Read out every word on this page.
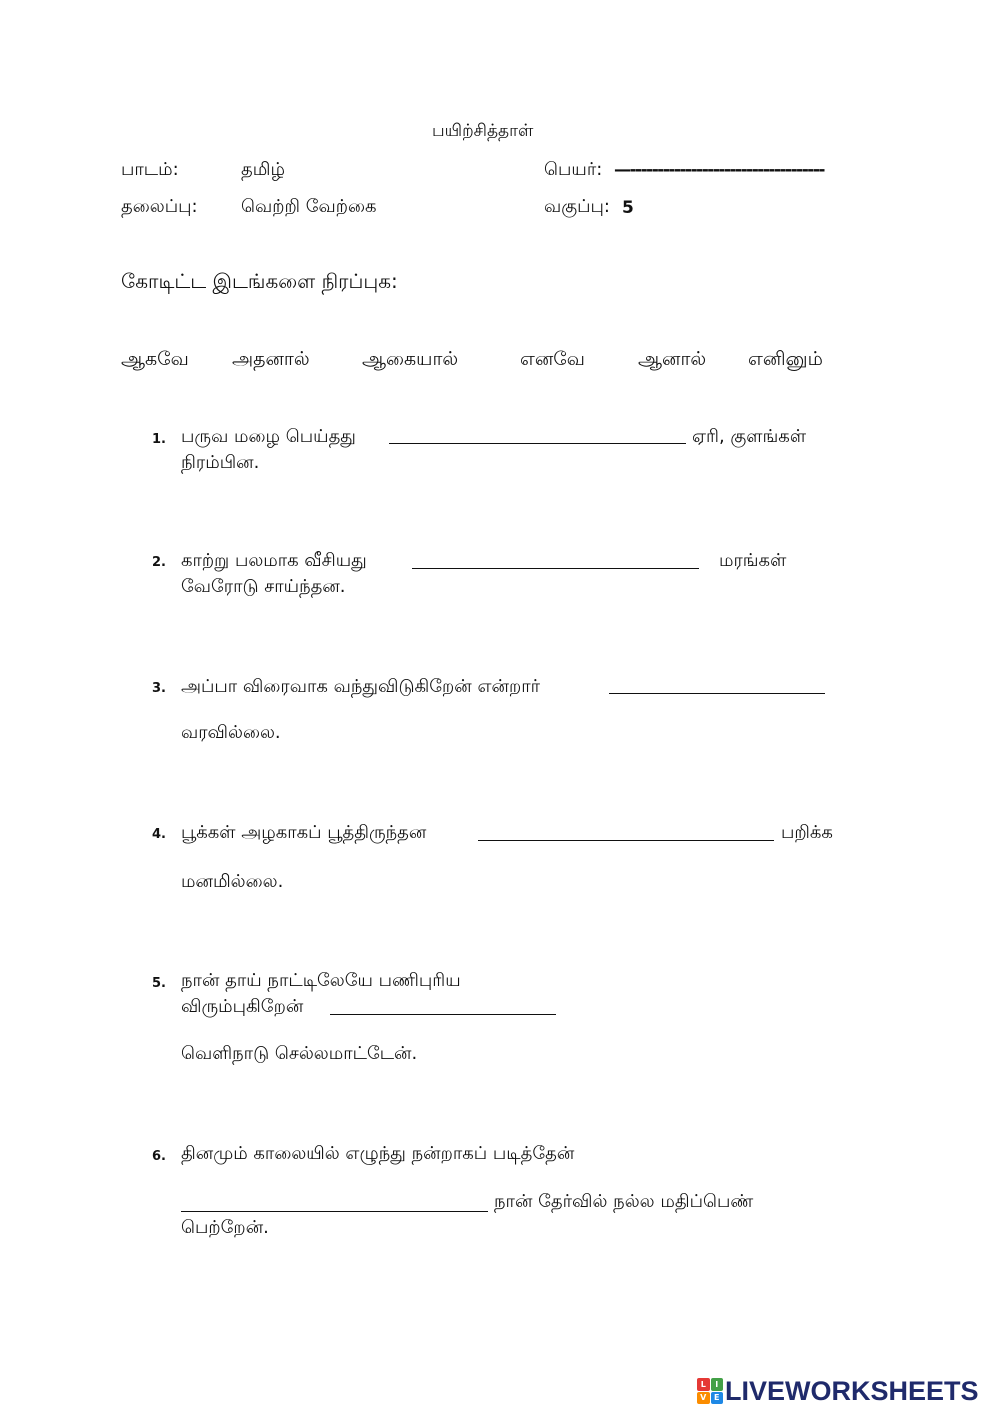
பயிற்சித்தாள்
பாடம்:	தமிழ்	பெயர்: —-----------------------------------
தலைப்பு: வெற்றி வேற்கை	வகுப்பு: 5
கோடிட்ட இடங்களை நிரப்புக:
ஆகவே அதனால்	ஆகையால்	எனவே	ஆனால் எனினும்
1. பருவ மழை பெய்தது	ஏரி, குளங்கள்
நிரம்பின.
2. காற்று பலமாக வீசியது	மரங்கள்
வேரோடு சாய்ந்தன.
3. அப்பா விரைவாக வந்துவிடுகிறேன் என்றார்
வரவில்லை.
4. பூக்கள் அழகாகப் பூத்திருந்தன	பறிக்க
மனமில்லை.
5. நான் தாய் நாட்டிலேயே பணிபுரிய
விரும்புகிறேன்
வெளிநாடு செல்லமாட்டேன்.
6. தினமும் காலையில் எழுந்து நன்றாகப் படித்தேன்
நான் தேர்வில் நல்ல மதிப்பெண்
பெற்றேன்.
L	I
V E LIVEWORKSHEETS
